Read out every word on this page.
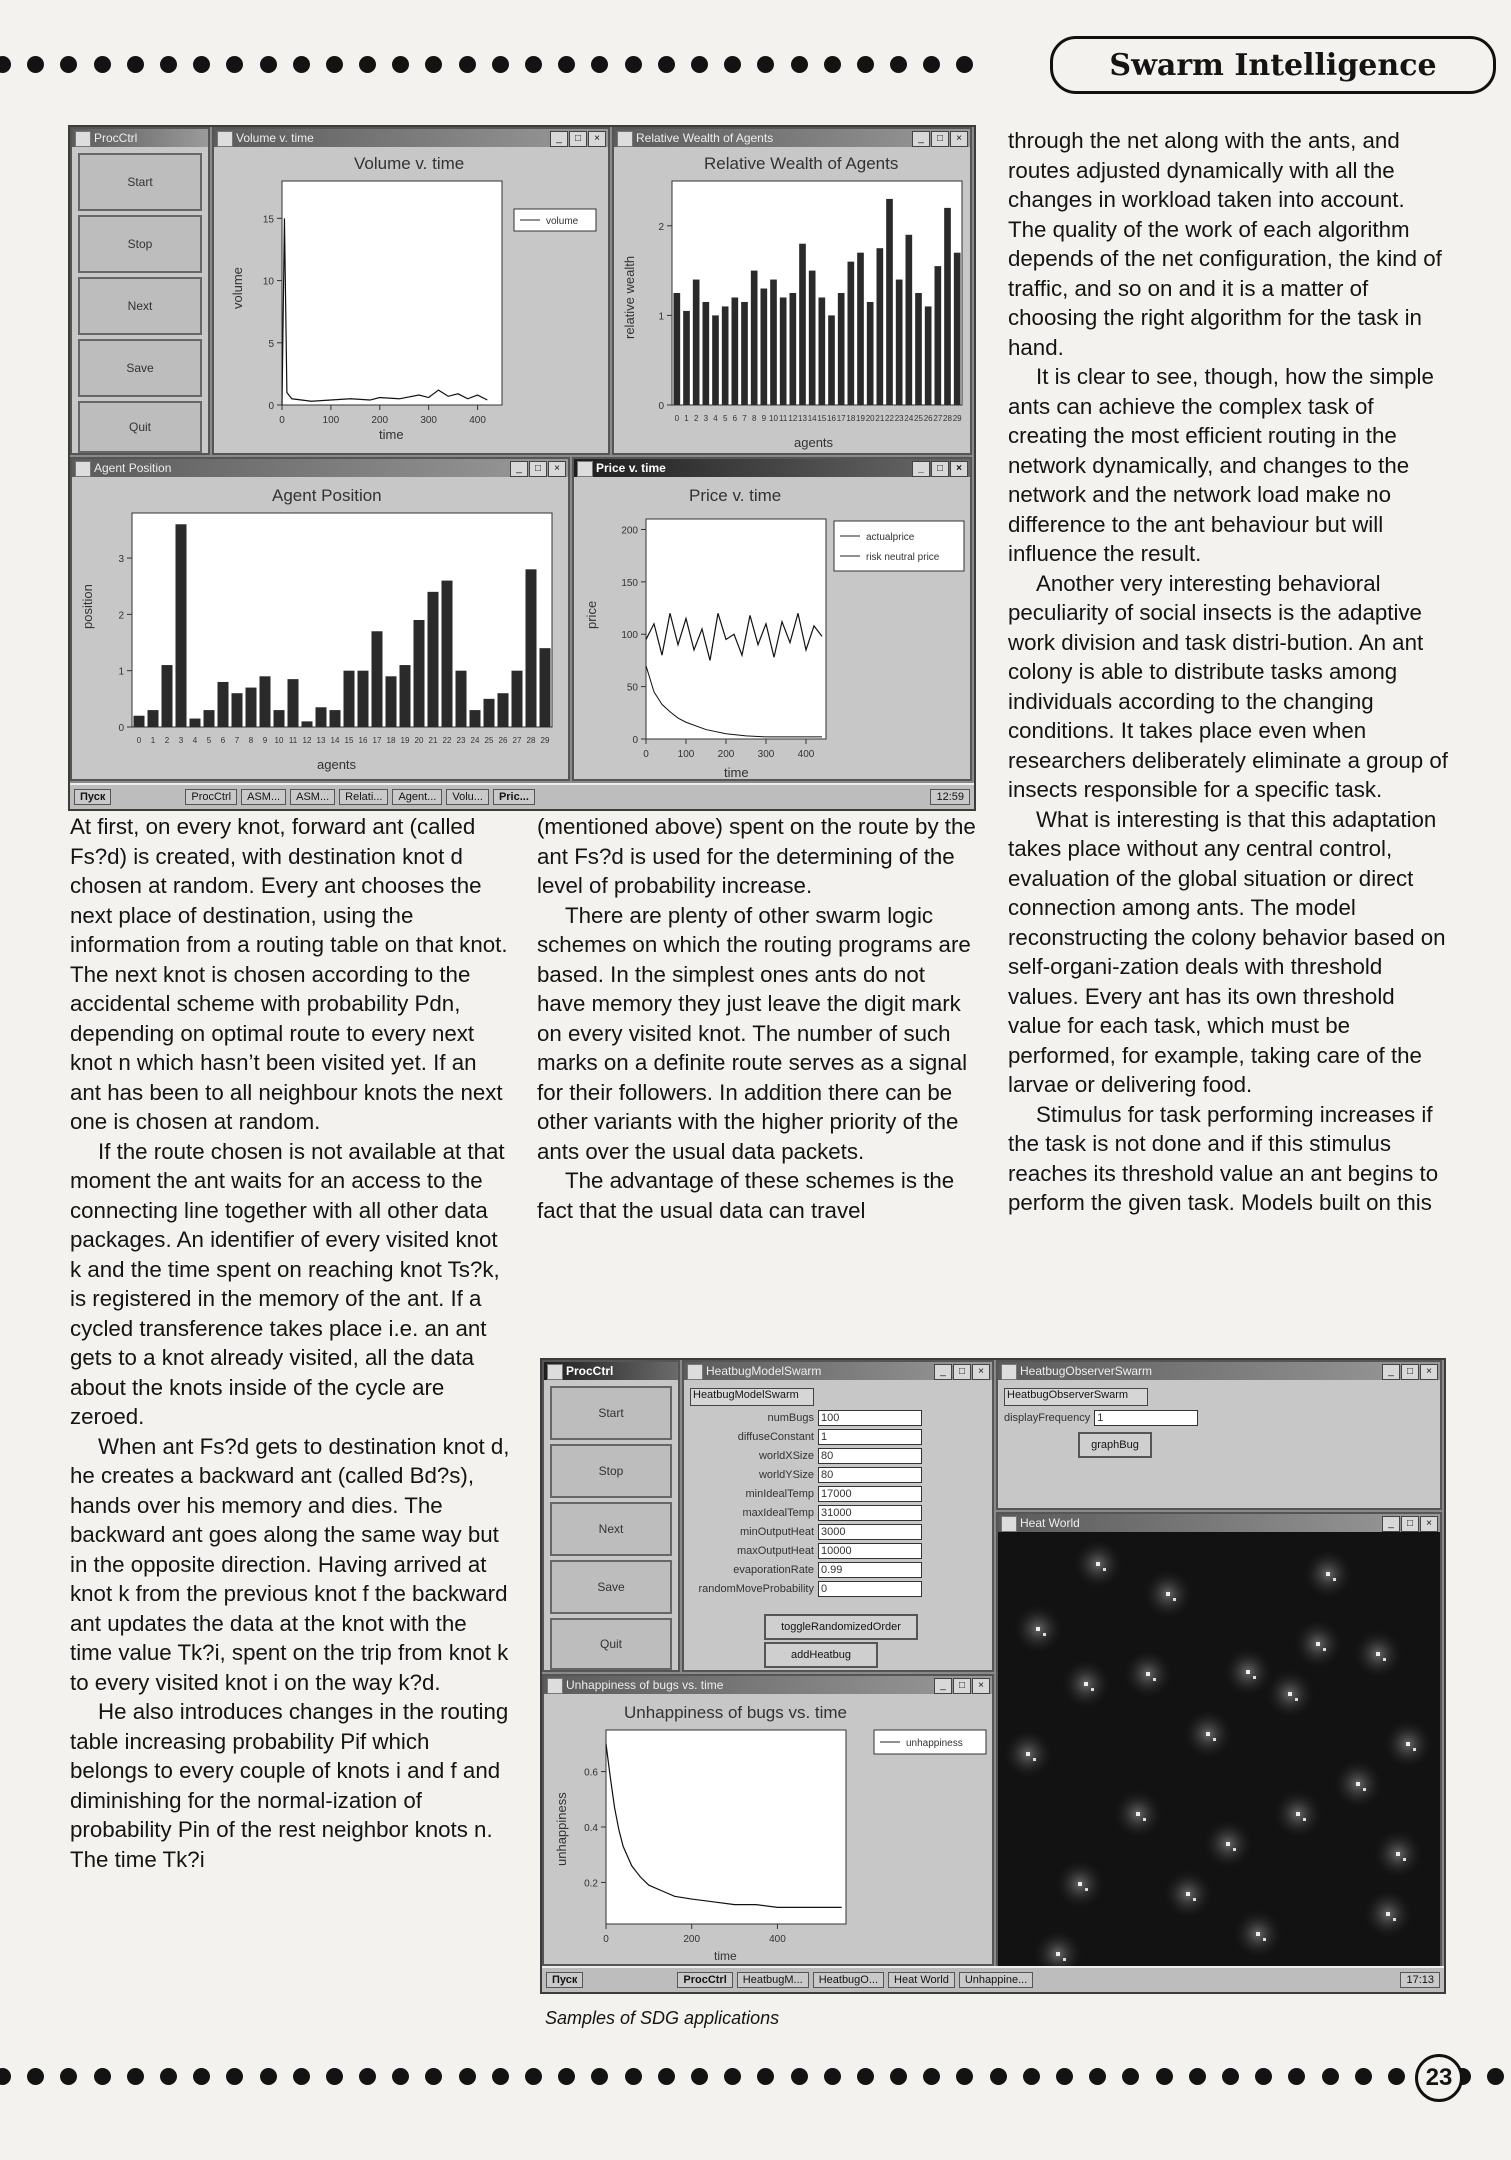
Swarm Intelligence
23
ProcCtrl
Start
Stop
Next
Save
Quit
Volume v. time	_	□	×
Volume v. time
0
5
10
15
0	100	200	300	400
volume
volume
time
Relative Wealth of Agents	_	□	×
Relative Wealth of Agents
0 1 2 3 4 5 6 7 8 9 10 11 12 13 14 15 16 17 18 19 20 21 22 23 24 25 26 27 28 29
0
1
2
relative wealth
agents
Agent Position	_	□	×
Agent Position
0 1 2 3 4 5 6 7 8 9 10 11 12 13 14 15 16 17 18 19 20 21 22 23 24 25 26 27 28 29
0
1
2
3
position
agents
Price v. time	_	□	×
Price v. time
0
50
100
150
200
0	100 200 300 400
actualprice
risk neutral price
price
time
Пуск	ProcCtrl	ASM...	ASM...	Relati...	Agent...	Volu...	Pric...	12:59

At first, on every knot, forward ant (called Fs?d) is created, with destination knot d chosen at random. Every ant chooses the next place of destination, using the information from a routing table on that knot. The next knot is chosen according to the accidental scheme with probability Pdn, depending on optimal route to every next knot n which hasn’t been visited yet. If an ant has been to all neighbour knots the next one is chosen at random.

If the route chosen is not available at that moment the ant waits for an access to the connecting line together with all other data packages. An identifier of every visited knot k and the time spent on reaching knot Ts?k, is registered in the memory of the ant. If a cycled transference takes place i.e. an ant gets to a knot already visited, all the data about the knots inside of the cycle are zeroed.

When ant Fs?d gets to destination knot d, he creates a backward ant (called Bd?s), hands over his memory and dies. The backward ant goes along the same way but in the opposite direction. Having arrived at knot k from the previous knot f the backward ant updates the data at the knot with the time value Tk?i, spent on the trip from knot k to every visited knot i on the way k?d.

He also introduces changes in the routing table increasing probability Pif which belongs to every couple of knots i and f and diminishing for the normal-ization of probability Pin of the rest neighbor knots n. The time Tk?i

(mentioned above) spent on the route by the ant Fs?d is used for the determining of the level of probability increase.

There are plenty of other swarm logic schemes on which the routing programs are based. In the simplest ones ants do not have memory they just leave the digit mark on every visited knot. The number of such marks on a definite route serves as a signal for their followers. In addition there can be other variants with the higher priority of the ants over the usual data packets.

The advantage of these schemes is the fact that the usual data can travel

through the net along with the ants, and routes adjusted dynamically with all the changes in workload taken into account. The quality of the work of each algorithm depends of the net configuration, the kind of traffic, and so on and it is a matter of choosing the right algorithm for the task in hand.

It is clear to see, though, how the simple ants can achieve the complex task of creating the most efficient routing in the network dynamically, and changes to the network and the network load make no difference to the ant behaviour but will influence the result.

Another very interesting behavioral peculiarity of social insects is the adaptive work division and task distri-bution. An ant colony is able to distribute tasks among individuals according to the changing conditions. It takes place even when researchers deliberately eliminate a group of insects responsible for a specific task.

What is interesting is that this adaptation takes place without any central control, evaluation of the global situation or direct connection among ants. The model reconstructing the colony behavior based on self-organi-zation deals with threshold values. Every ant has its own threshold value for each task, which must be performed, for example, taking care of the larvae or delivering food.

Stimulus for task performing increases if the task is not done and if this stimulus reaches its threshold value an ant begins to perform the given task. Models built on this

ProcCtrl
Start
Stop
Next
Save
Quit
HeatbugModelSwarm	_	□	×
HeatbugModelSwarm
numBugs 100
diffuseConstant 1
worldXSize 80
worldYSize 80
minIdealTemp 17000
maxIdealTemp 31000
minOutputHeat 3000
maxOutputHeat 10000
evaporationRate 0.99
randomMoveProbability 0
toggleRandomizedOrder
addHeatbug
HeatbugObserverSwarm	_	□	×
HeatbugObserverSwarm
displayFrequency 1
graphBug
Heat World	_	□	×
Unhappiness of bugs vs. time	_	□	×
Unhappiness of bugs vs. time
0.2
0.4
0.6
0	200	400
unhappiness
unhappiness
time
Пуск	ProcCtrl	HeatbugM...	HeatbugO...	Heat World	Unhappine...	17:13
Samples of SDG applications
